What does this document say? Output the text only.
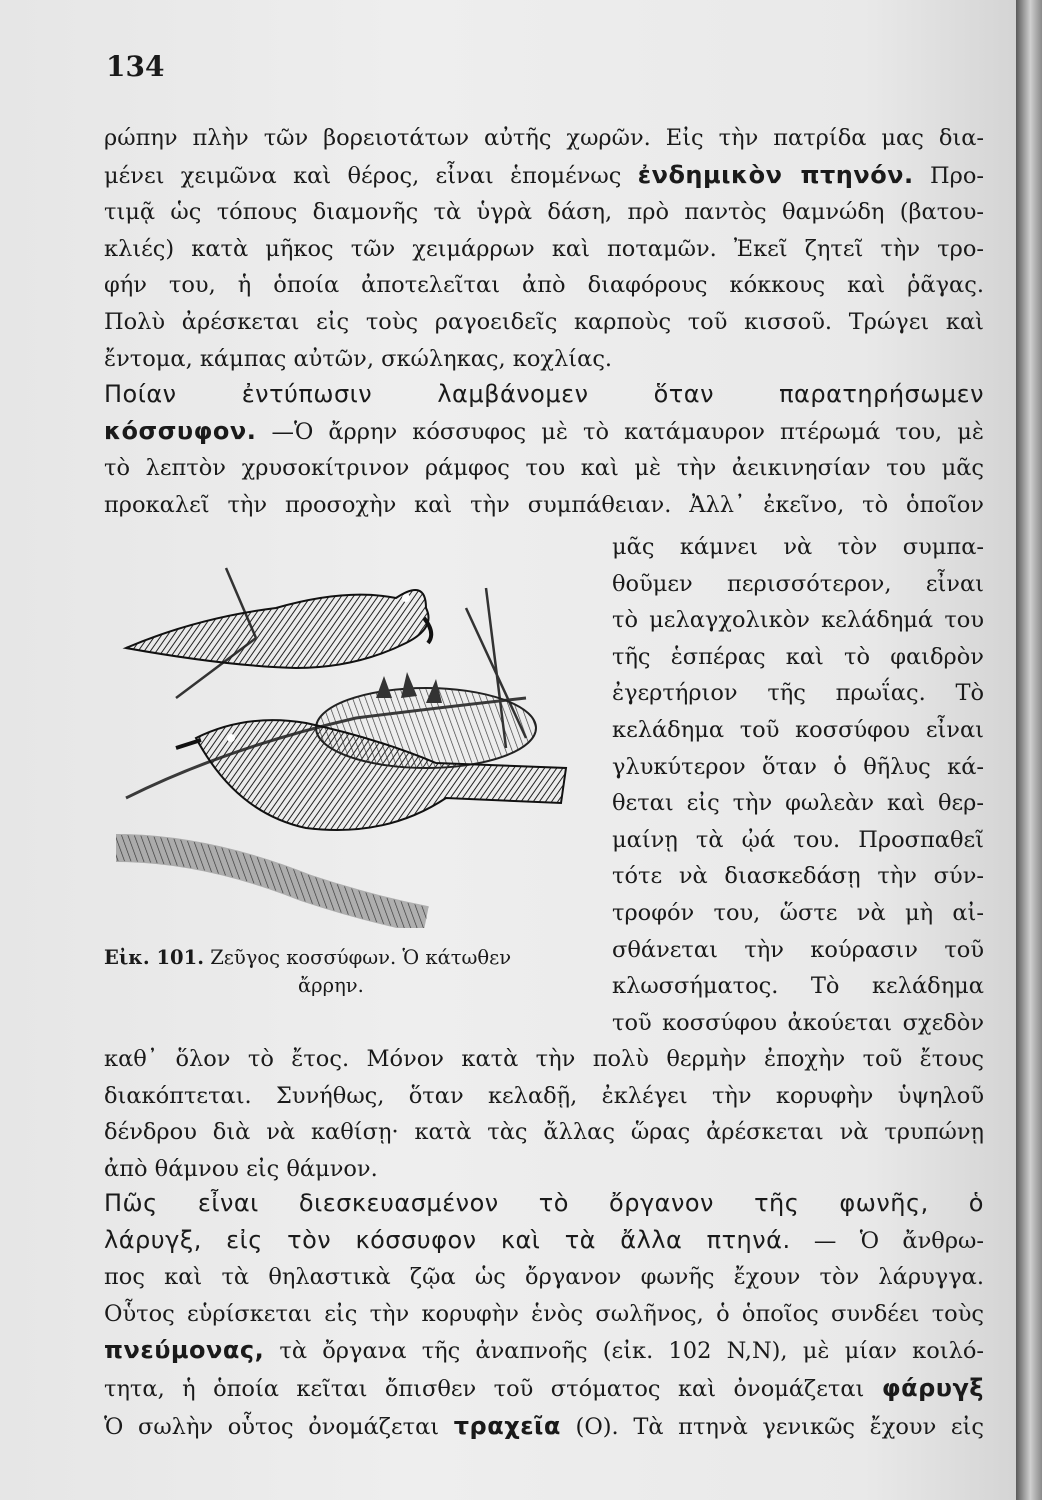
134
ρώπην πλὴν τῶν βορειοτάτων αὐτῆς χωρῶν. Εἰς τὴν πατρίδα μας δια-
μένει χειμῶνα καὶ θέρος, εἶναι ἑπομένως ἐνδημικὸν πτηνόν. Προ-
τιμᾷ ὡς τόπους διαμονῆς τὰ ὑγρὰ δάση, πρὸ παντὸς θαμνώδη (βατου-
κλιές) κατὰ μῆκος τῶν χειμάρρων καὶ ποταμῶν. Ἐκεῖ ζητεῖ τὴν τρο-
φήν του, ἡ ὁποία ἀποτελεῖται ἀπὸ διαφόρους κόκκους καὶ ῥᾶγας.
Πολὺ ἀρέσκεται εἰς τοὺς ραγοειδεῖς καρποὺς τοῦ κισσοῦ. Τρώγει καὶ
ἔντομα, κάμπας αὐτῶν, σκώληκας, κοχλίας.
Ποίαν ἐντύπωσιν λαμβάνομεν ὅταν παρατηρήσωμεν
κόσσυφον. —Ὁ ἄρρην κόσσυφος μὲ τὸ κατάμαυρον πτέρωμά του, μὲ
τὸ λεπτὸν χρυσοκίτρινον ράμφος του καὶ μὲ τὴν ἀεικινησίαν του μᾶς
προκαλεῖ τὴν προσοχὴν καὶ τὴν συμπάθειαν. Ἀλλ᾽ ἐκεῖνο, τὸ ὁποῖον
Εἰκ. 101. Ζεῦγος κοσσύφων. Ὁ κάτωθεν
ἄρρην.
μᾶς κάμνει νὰ τὸν συμπα-
θοῦμεν περισσότερον, εἶναι
τὸ μελαγχολικὸν κελάδημά του
τῆς ἑσπέρας καὶ τὸ φαιδρὸν
ἐγερτήριον τῆς πρωΐας. Τὸ
κελάδημα τοῦ κοσσύφου εἶναι
γλυκύτερον ὅταν ὁ θῆλυς κά-
θεται εἰς τὴν φωλεὰν καὶ θερ-
μαίνῃ τὰ ᾠά του. Προσπαθεῖ
τότε νὰ διασκεδάσῃ τὴν σύν-
τροφόν του, ὥστε νὰ μὴ αἰ-
σθάνεται τὴν κούρασιν τοῦ
κλωσσήματος. Τὸ κελάδημα
τοῦ κοσσύφου ἀκούεται σχεδὸν
καθ᾽ ὅλον τὸ ἔτος. Μόνον κατὰ τὴν πολὺ θερμὴν ἐποχὴν τοῦ ἔτους
διακόπτεται. Συνήθως, ὅταν κελαδῇ, ἐκλέγει τὴν κορυφὴν ὑψηλοῦ
δένδρου διὰ νὰ καθίσῃ· κατὰ τὰς ἄλλας ὥρας ἀρέσκεται νὰ τρυπώνῃ
ἀπὸ θάμνου εἰς θάμνον.
Πῶς εἶναι διεσκευασμένον τὸ ὄργανον τῆς φωνῆς, ὁ
λάρυγξ, εἰς τὸν κόσσυφον καὶ τὰ ἄλλα πτηνά. — Ὁ ἄνθρω-
πος καὶ τὰ θηλαστικὰ ζῷα ὡς ὄργανον φωνῆς ἔχουν τὸν λάρυγγα.
Οὗτος εὑρίσκεται εἰς τὴν κορυφὴν ἑνὸς σωλῆνος, ὁ ὁποῖος συνδέει τοὺς
πνεύμονας, τὰ ὄργανα τῆς ἀναπνοῆς (εἰκ. 102 N,N), μὲ μίαν κοιλό-
τητα, ἡ ὁποία κεῖται ὄπισθεν τοῦ στόματος καὶ ὀνομάζεται φάρυγξ
Ὁ σωλὴν οὗτος ὀνομάζεται τραχεῖα (Ο). Τὰ πτηνὰ γενικῶς ἔχουν εἰς
